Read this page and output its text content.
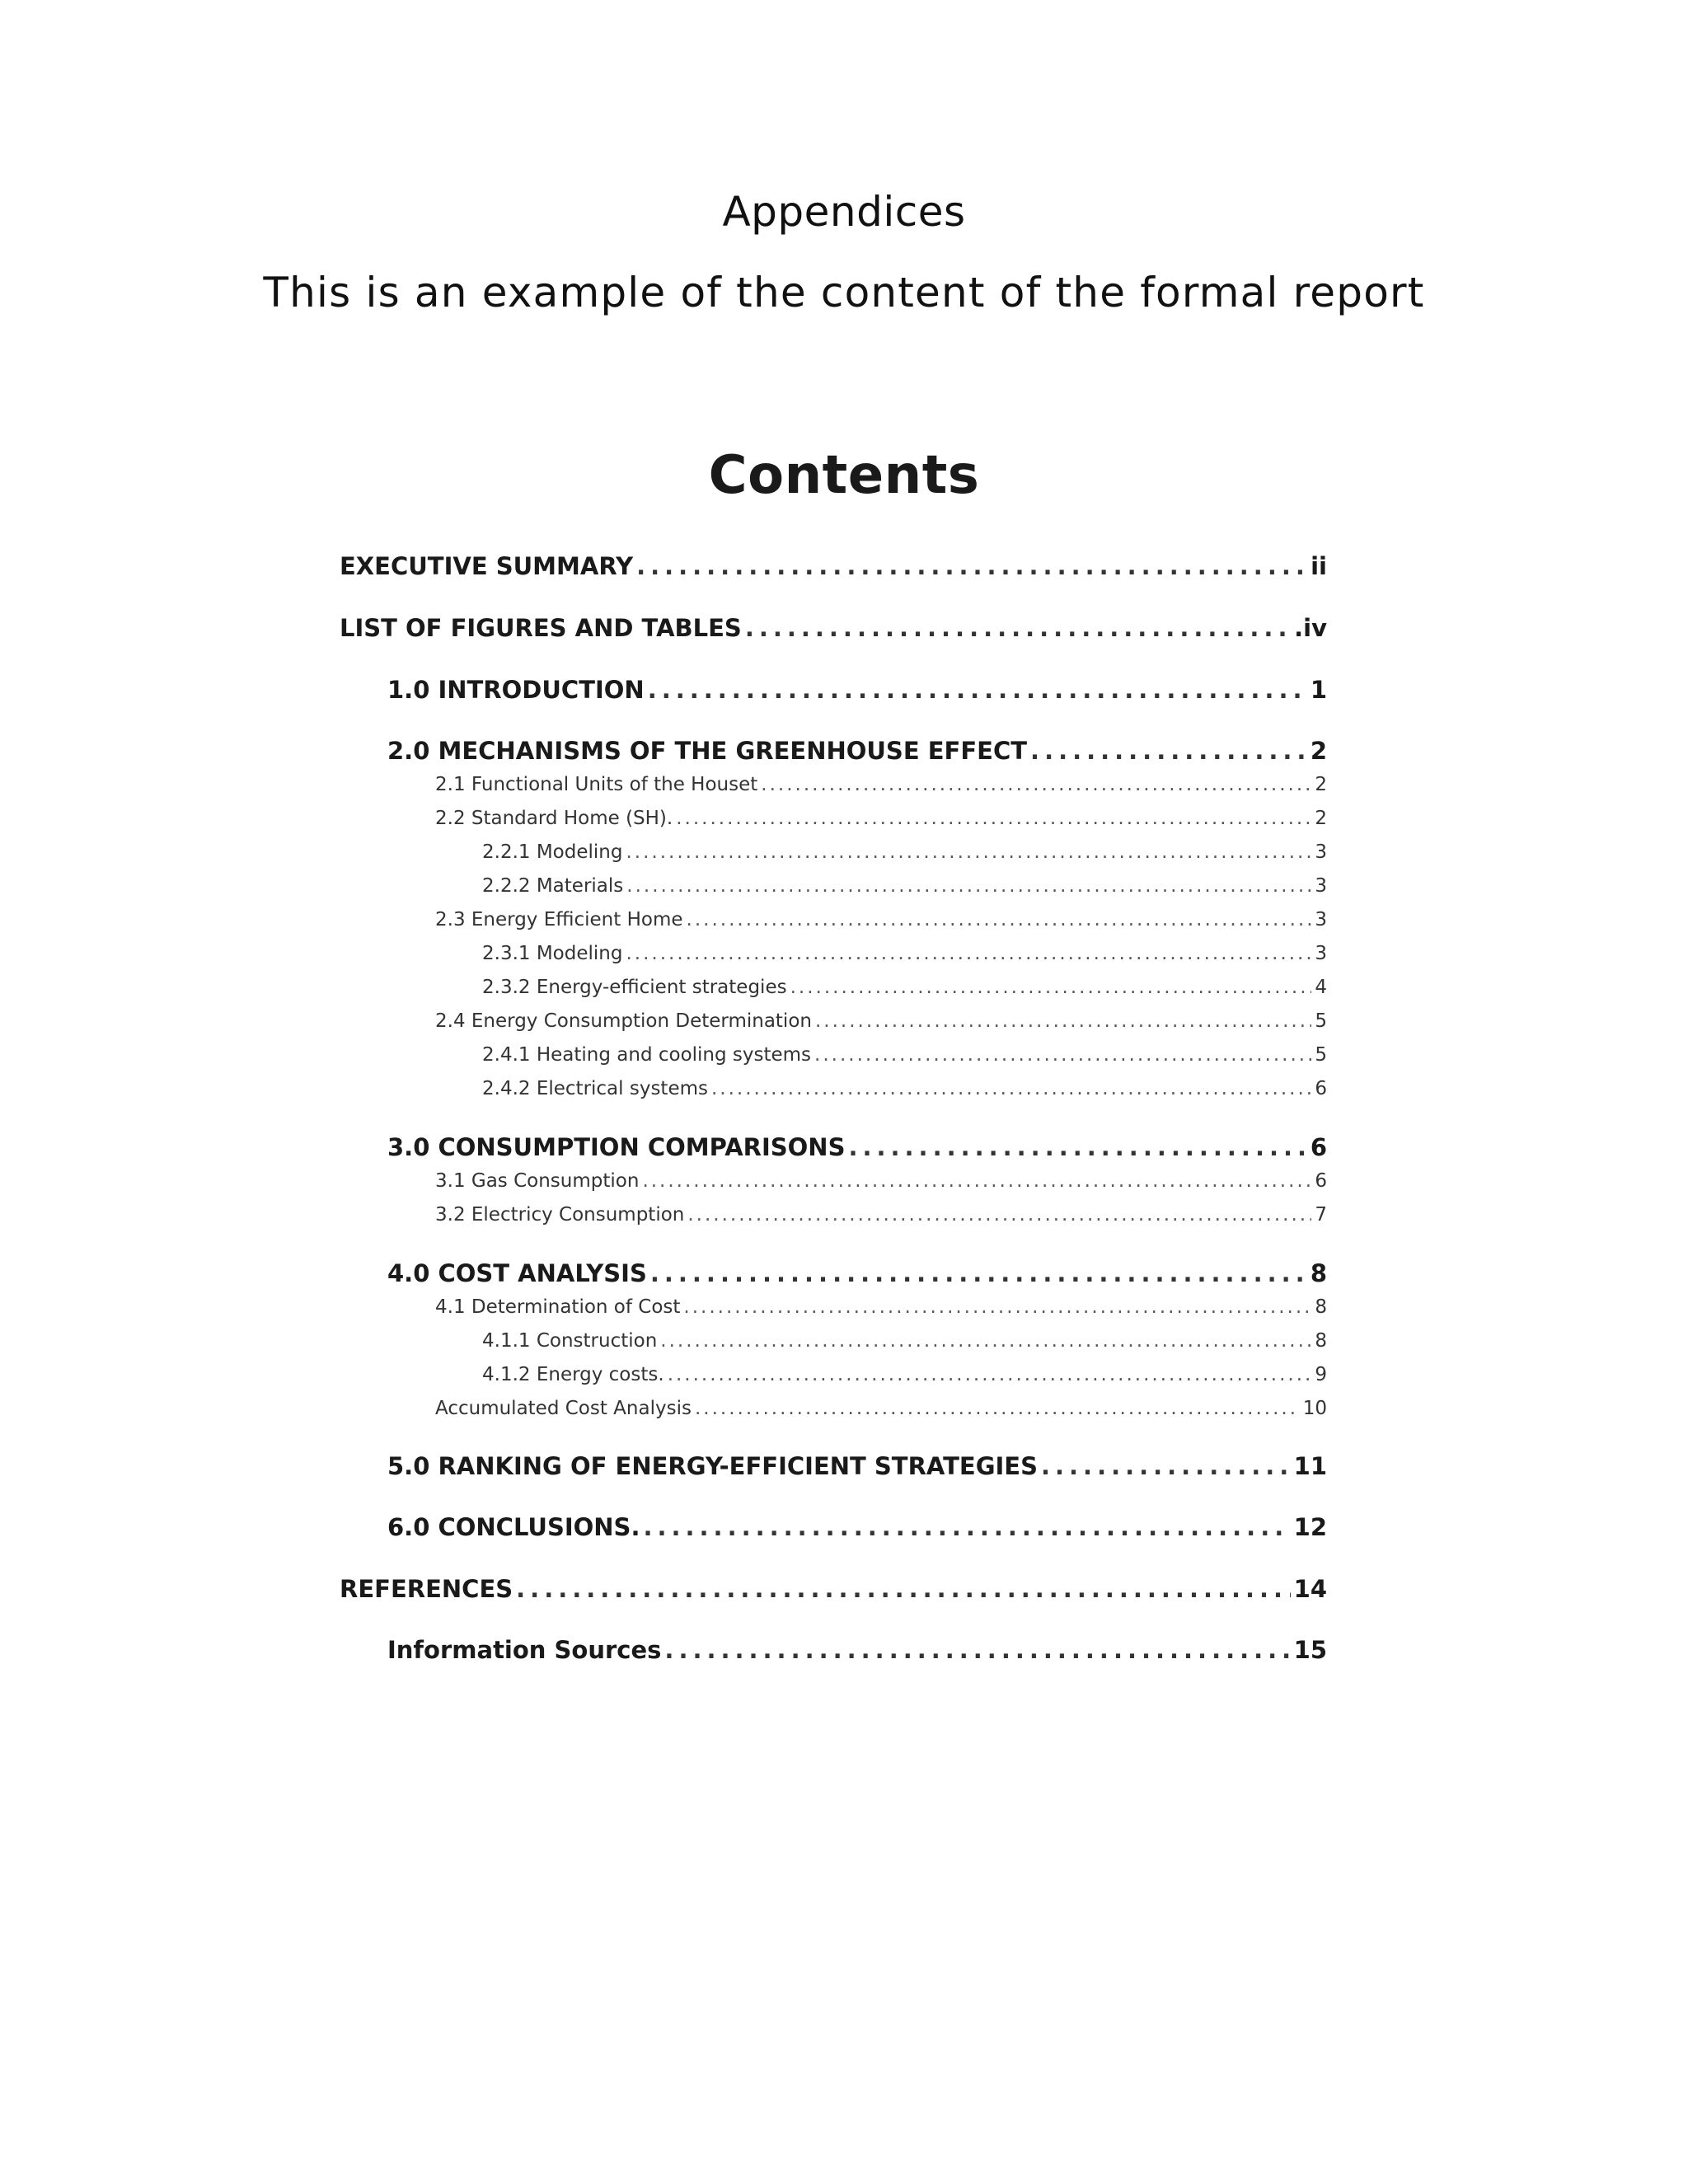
Appendices
This is an example of the content of the formal report
Contents
EXECUTIVE SUMMARY .....	ii
LIST OF FIGURES AND TABLES .....	.iv
1.0 INTRODUCTION .....	1
2.0 MECHANISMS OF THE GREENHOUSE EFFECT .....	2
2.1 Functional Units of the Houset .....	2
2.2 Standard Home (SH). .....	2
2.2.1 Modeling .....	3
2.2.2 Materials .....	3
2.3 Energy Efficient Home .....	3
2.3.1 Modeling .....	3
2.3.2 Energy-efficient strategies .....	4
2.4 Energy Consumption Determination .....	5
2.4.1 Heating and cooling systems .....	5
2.4.2 Electrical systems .....	6
3.0 CONSUMPTION COMPARISONS .....	6
3.1 Gas Consumption .....	6
3.2 Electricy Consumption .....	7
4.0 COST ANALYSIS .....	8
4.1 Determination of Cost .....	8
4.1.1 Construction .....	8
4.1.2 Energy costs. .....	9
Accumulated Cost Analysis .....	10
5.0 RANKING OF ENERGY-EFFICIENT STRATEGIES .....	11
6.0 CONCLUSIONS. .....	12
REFERENCES .....	14
Information Sources .....	15
